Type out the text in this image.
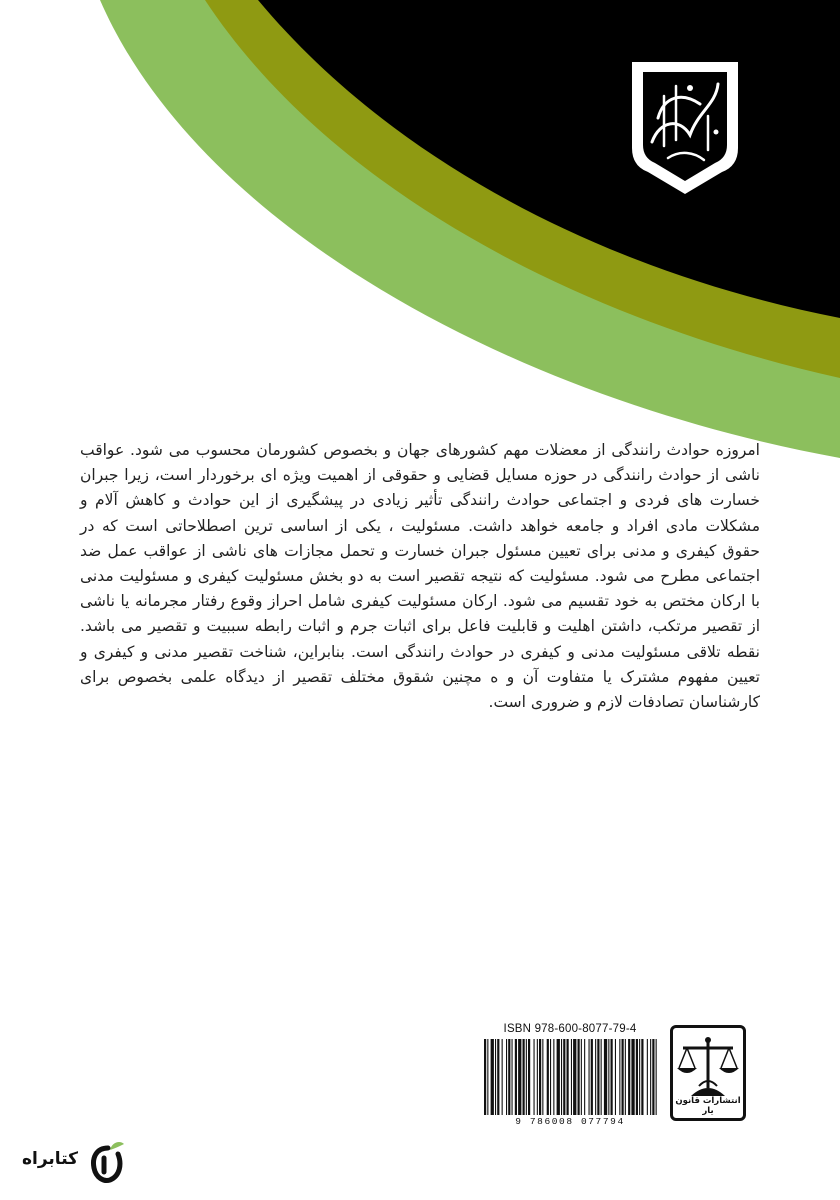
امروزه حوادث رانندگی از معضلات مهم کشورهای جهان و بخصوص کشورمان محسوب می شود. عواقب ناشی از حوادث رانندگی در حوزه مسایل قضایی و حقوقی از اهمیت ویژه ای برخوردار است، زیرا جبران خسارت های فردی و اجتماعی حوادث رانندگی تأثیر زیادی در پیشگیری از این حوادث و کاهش آلام و مشکلات مادی افراد و جامعه خواهد داشت. مسئولیت ، یکی از اساسی ترین اصطلاحاتی است که در حقوق کیفری و مدنی برای تعیین مسئول جبران خسارت و تحمل مجازات های ناشی از عواقب عمل ضد اجتماعی مطرح می شود. مسئولیت که نتیجه تقصیر است به دو بخش مسئولیت کیفری و مسئولیت مدنی با ارکان مختص به خود تقسیم می شود. ارکان مسئولیت کیفری شامل احراز وقوع رفتار مجرمانه یا ناشی از تقصیر مرتکب، داشتن اهلیت و قابلیت فاعل برای اثبات جرم و اثبات رابطه سببیت و تقصیر می باشد. نقطه تلاقی مسئولیت مدنی و کیفری در حوادث رانندگی است. بنابراین، شناخت تقصیر مدنی و کیفری و تعیین مفهوم مشترک یا متفاوت آن و ه مچنین شقوق مختلف تقصیر از دیدگاه علمی بخصوص برای کارشناسان تصادفات لازم و ضروری است.

ISBN 978-600-8077-79-4
9 786008 077794
انتشارات قانون یار
کتابراه
